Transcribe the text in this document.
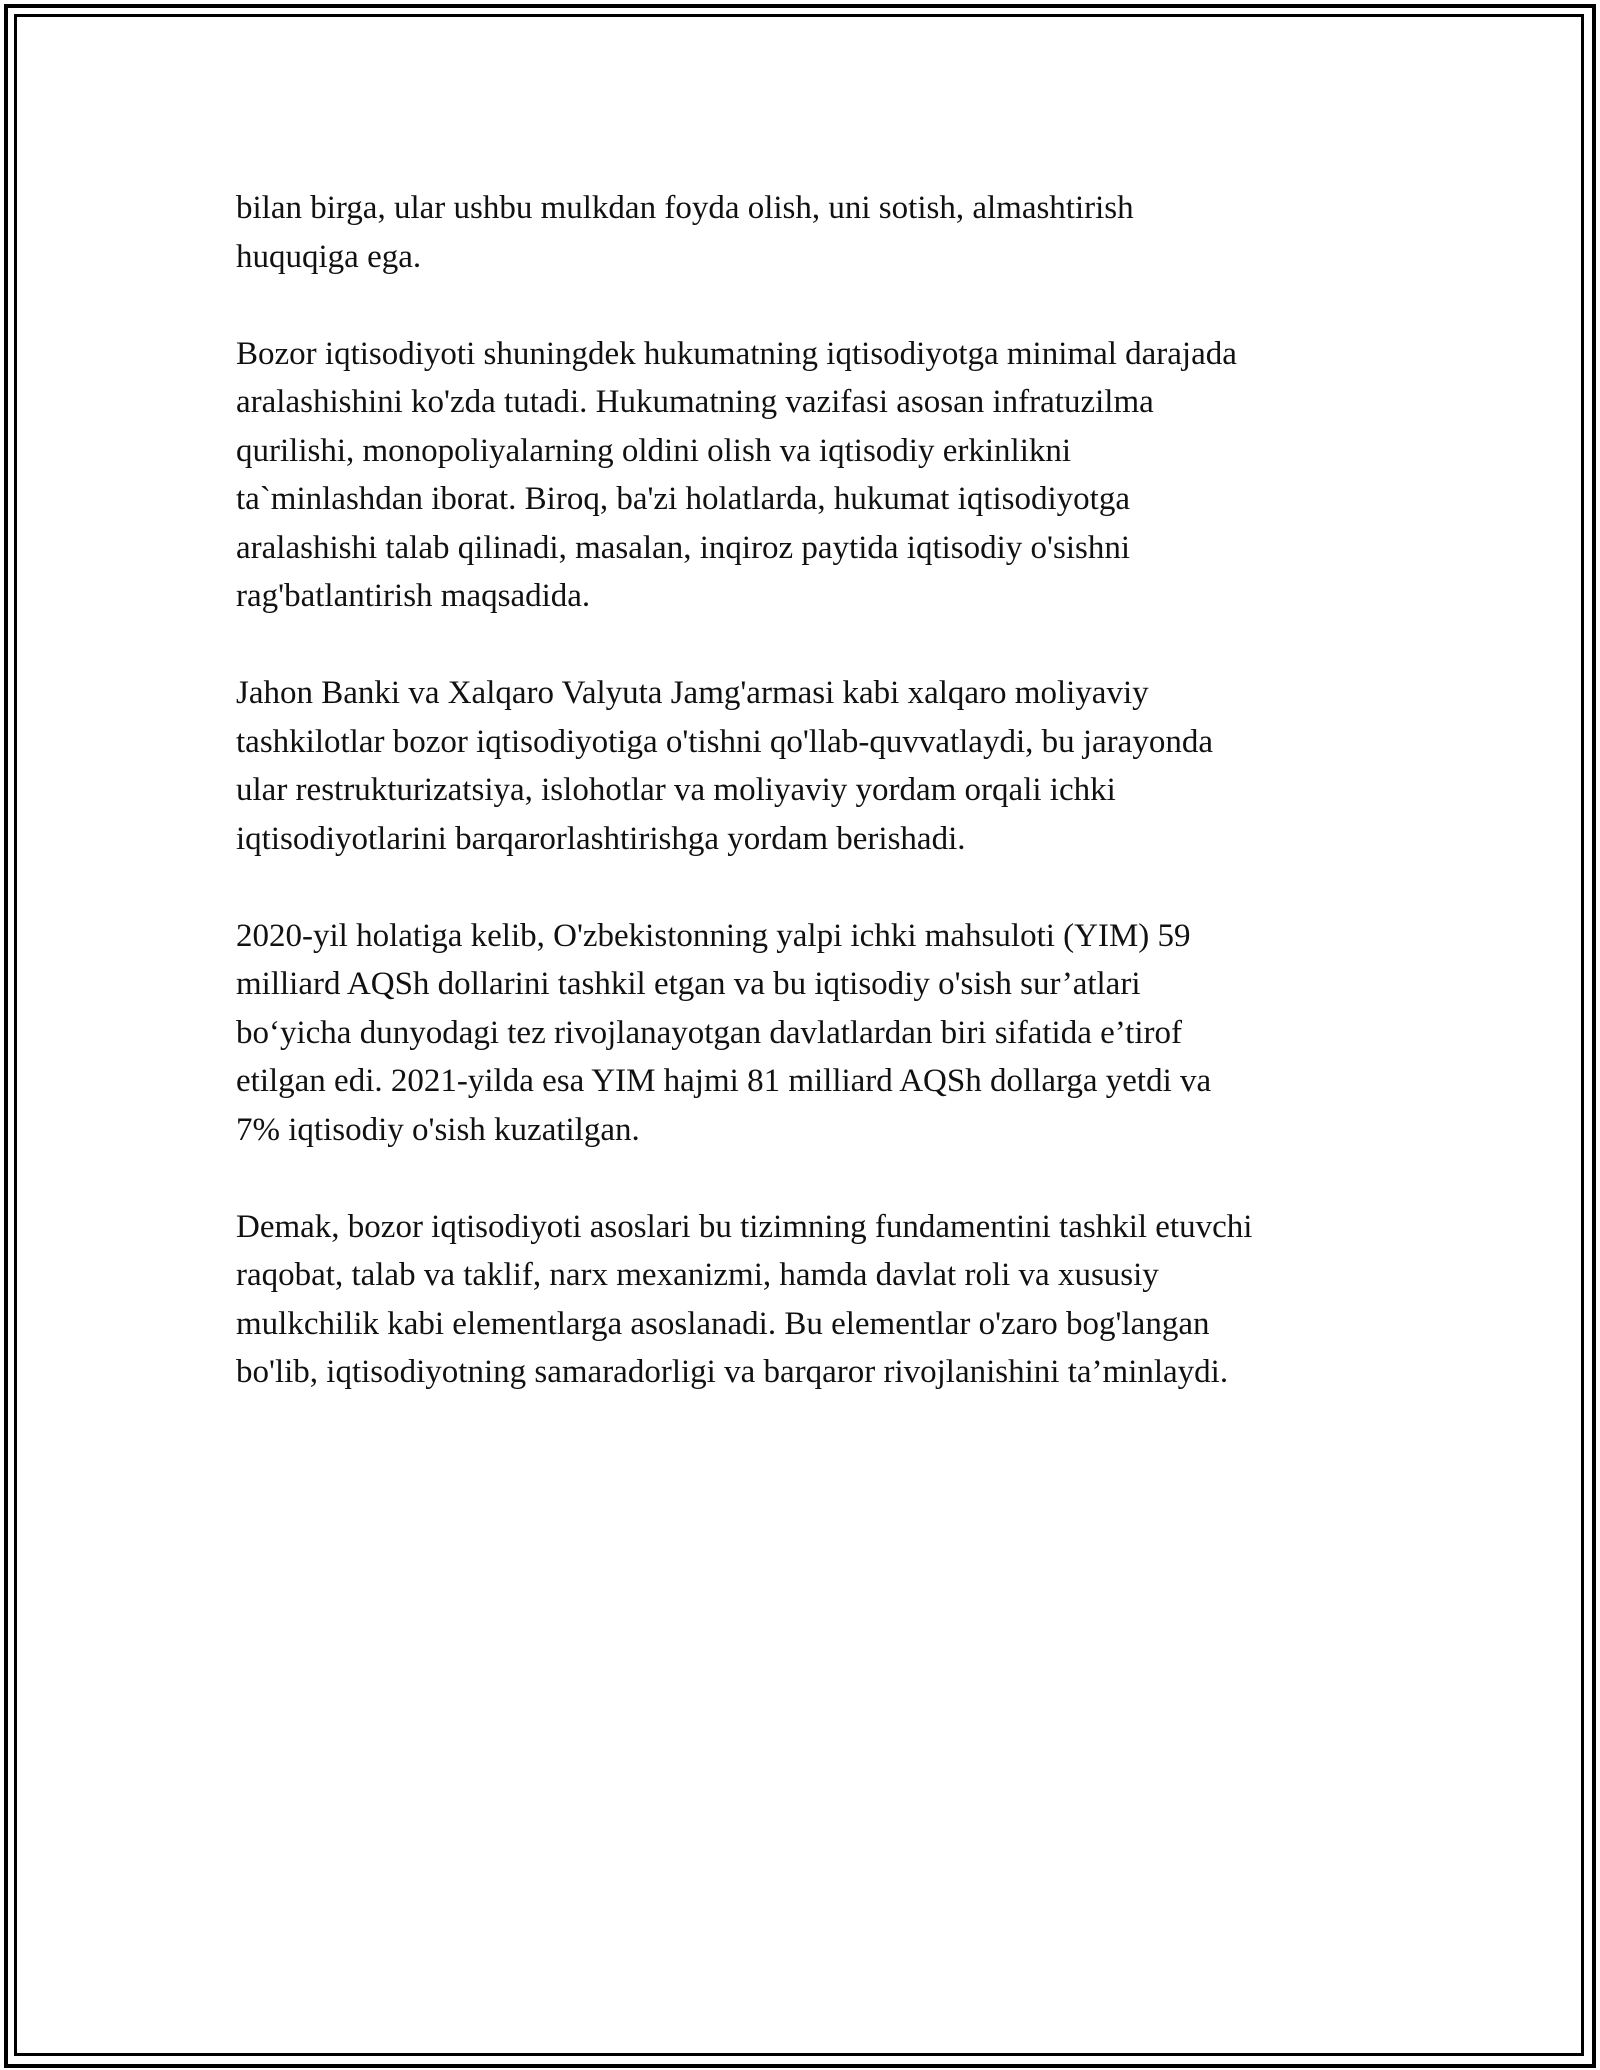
bilan birga, ular ushbu mulkdan foyda olish, uni sotish, almashtirish
huquqiga ega.

Bozor iqtisodiyoti shuningdek hukumatning iqtisodiyotga minimal darajada
aralashishini ko'zda tutadi. Hukumatning vazifasi asosan infratuzilma
qurilishi, monopoliyalarning oldini olish va iqtisodiy erkinlikni
ta`minlashdan iborat. Biroq, ba'zi holatlarda, hukumat iqtisodiyotga
aralashishi talab qilinadi, masalan, inqiroz paytida iqtisodiy o'sishni
rag'batlantirish maqsadida.

Jahon Banki va Xalqaro Valyuta Jamg'armasi kabi xalqaro moliyaviy
tashkilotlar bozor iqtisodiyotiga o'tishni qo'llab-quvvatlaydi, bu jarayonda
ular restrukturizatsiya, islohotlar va moliyaviy yordam orqali ichki
iqtisodiyotlarini barqarorlashtirishga yordam berishadi.

2020-yil holatiga kelib, O'zbekistonning yalpi ichki mahsuloti (YIM) 59
milliard AQSh dollarini tashkil etgan va bu iqtisodiy o'sish sur’atlari
bo‘yicha dunyodagi tez rivojlanayotgan davlatlardan biri sifatida e’tirof
etilgan edi. 2021-yilda esa YIM hajmi 81 milliard AQSh dollarga yetdi va
7% iqtisodiy o'sish kuzatilgan.

Demak, bozor iqtisodiyoti asoslari bu tizimning fundamentini tashkil etuvchi
raqobat, talab va taklif, narx mexanizmi, hamda davlat roli va xususiy
mulkchilik kabi elementlarga asoslanadi. Bu elementlar o'zaro bog'langan
bo'lib, iqtisodiyotning samaradorligi va barqaror rivojlanishini ta’minlaydi.
